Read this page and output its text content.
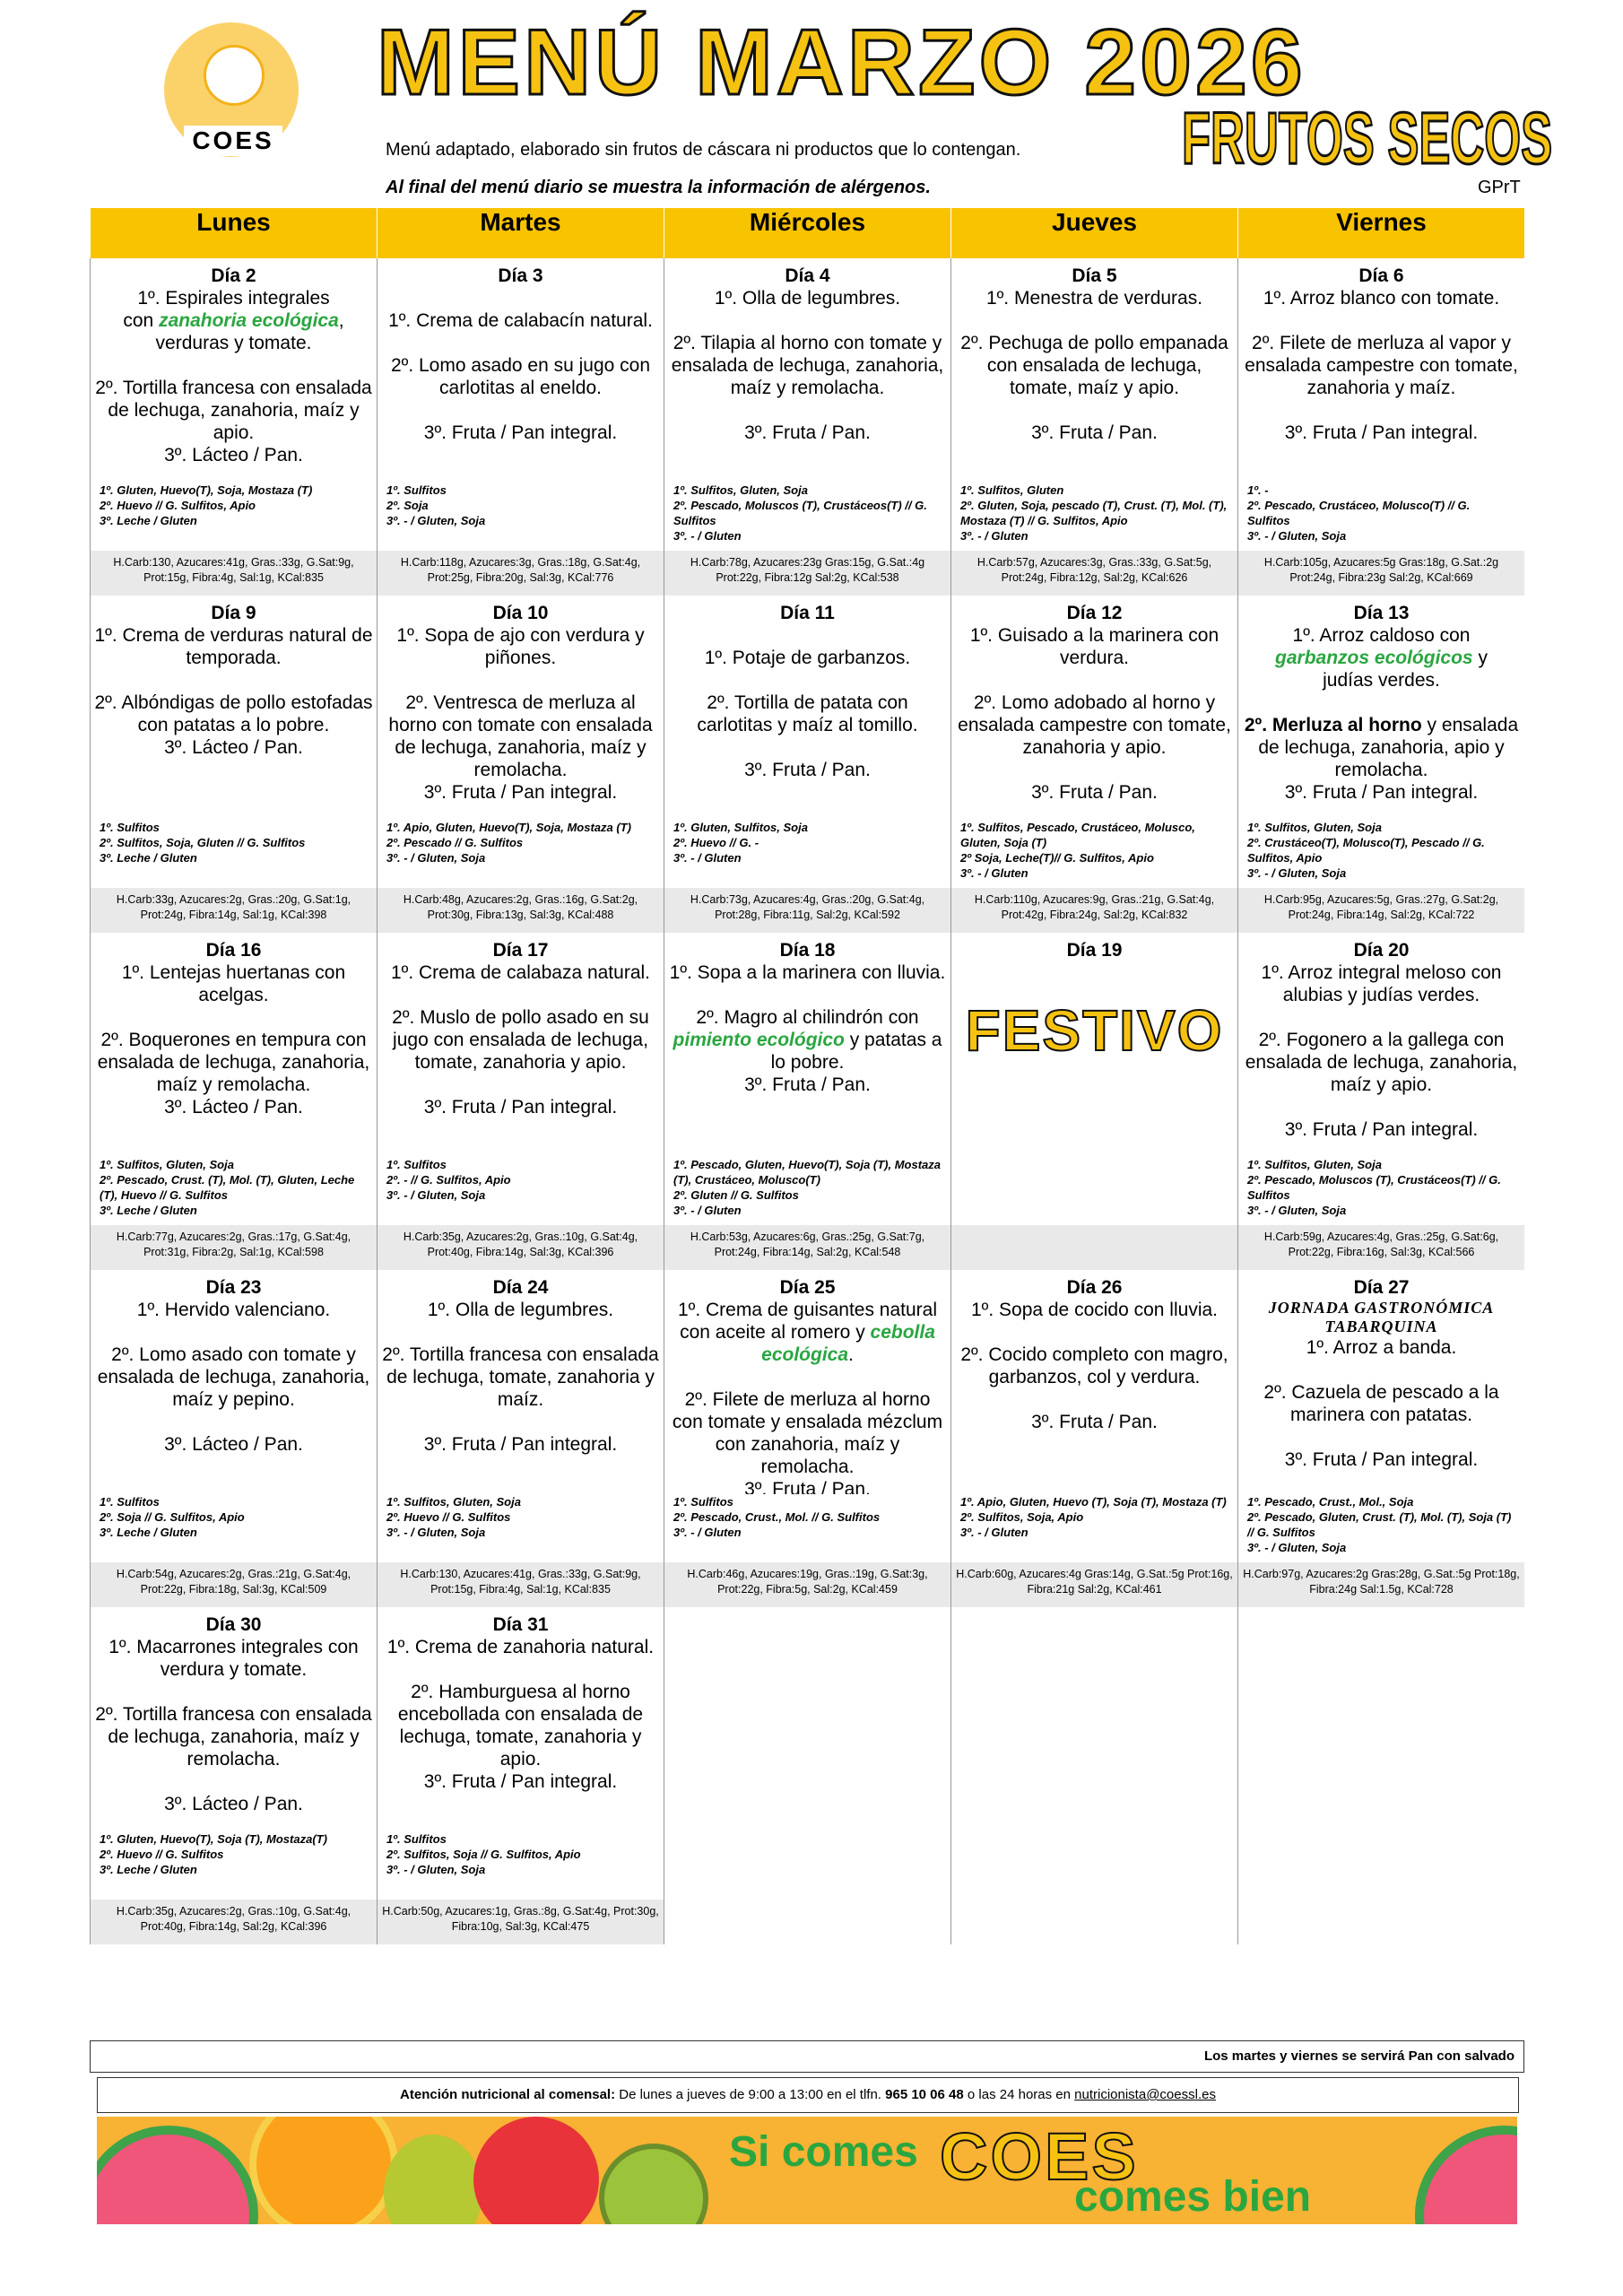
COES
MENÚ MARZO 2026
FRUTOS SECOS
GPrT
Menú adaptado, elaborado sin frutos de cáscara ni productos que lo contengan.
Al final del menú diario se muestra la información de alérgenos.
Lunes	Martes	Miércoles	Jueves	Viernes
Día 2
1º. Espirales integrales
con zanahoria ecológica,
verduras y tomate.
2º. Tortilla francesa con ensalada de lechuga, zanahoria, maíz y apio.
3º. Lácteo / Pan.
1º. Gluten, Huevo(T), Soja, Mostaza (T)
2º. Huevo // G. Sulfitos, Apio
3º. Leche / Gluten
H.Carb:130, Azucares:41g, Gras.:33g, G.Sat:9g, Prot:15g, Fibra:4g, Sal:1g, KCal:835
Día 3
1º. Crema de calabacín natural.
2º. Lomo asado en su jugo con carlotitas al eneldo.
3º. Fruta / Pan integral.
1º. Sulfitos
2º. Soja
3º. - / Gluten, Soja
H.Carb:118g, Azucares:3g, Gras.:18g, G.Sat:4g, Prot:25g, Fibra:20g, Sal:3g, KCal:776
Día 4
1º. Olla de legumbres.
2º. Tilapia al horno con tomate y ensalada de lechuga, zanahoria, maíz y remolacha.
3º. Fruta / Pan.
1º. Sulfitos, Gluten, Soja
2º. Pescado, Moluscos (T), Crustáceos(T) // G. Sulfitos
3º. - / Gluten
H.Carb:78g, Azucares:23g Gras:15g, G.Sat.:4g Prot:22g, Fibra:12g Sal:2g, KCal:538
Día 5
1º. Menestra de verduras.
2º. Pechuga de pollo empanada con ensalada de lechuga, tomate, maíz y apio.
3º. Fruta / Pan.
1º. Sulfitos, Gluten
2º. Gluten, Soja, pescado (T), Crust. (T), Mol. (T), Mostaza (T) // G. Sulfitos, Apio
3º. - / Gluten
H.Carb:57g, Azucares:3g, Gras.:33g, G.Sat:5g, Prot:24g, Fibra:12g, Sal:2g, KCal:626
Día 6
1º. Arroz blanco con tomate.
2º. Filete de merluza al vapor y ensalada campestre con tomate, zanahoria y maíz.
3º. Fruta / Pan integral.
1º. -
2º. Pescado, Crustáceo, Molusco(T) // G. Sulfitos
3º. - / Gluten, Soja
H.Carb:105g, Azucares:5g Gras:18g, G.Sat.:2g Prot:24g, Fibra:23g Sal:2g, KCal:669
Día 9
1º. Crema de verduras natural de temporada.
2º. Albóndigas de pollo estofadas con patatas a lo pobre.
3º. Lácteo / Pan.
1º. Sulfitos
2º. Sulfitos, Soja, Gluten // G. Sulfitos
3º. Leche / Gluten
H.Carb:33g, Azucares:2g, Gras.:20g, G.Sat:1g, Prot:24g, Fibra:14g, Sal:1g, KCal:398
Día 10
1º. Sopa de ajo con verdura y piñones.
2º. Ventresca de merluza al horno con tomate con ensalada de lechuga, zanahoria, maíz y remolacha.
3º. Fruta / Pan integral.
1º. Apio, Gluten, Huevo(T), Soja, Mostaza (T)
2º. Pescado // G. Sulfitos
3º. - / Gluten, Soja
H.Carb:48g, Azucares:2g, Gras.:16g, G.Sat:2g, Prot:30g, Fibra:13g, Sal:3g, KCal:488
Día 11
1º. Potaje de garbanzos.
2º. Tortilla de patata con carlotitas y maíz al tomillo.
3º. Fruta / Pan.
1º. Gluten, Sulfitos, Soja
2º. Huevo // G. -
3º. - / Gluten
H.Carb:73g, Azucares:4g, Gras.:20g, G.Sat:4g, Prot:28g, Fibra:11g, Sal:2g, KCal:592
Día 12
1º. Guisado a la marinera con verdura.
2º. Lomo adobado al horno y ensalada campestre con tomate, zanahoria y apio.
3º. Fruta / Pan.
1º. Sulfitos, Pescado, Crustáceo, Molusco, Gluten, Soja (T)
2º Soja, Leche(T)// G. Sulfitos, Apio
3º. - / Gluten
H.Carb:110g, Azucares:9g, Gras.:21g, G.Sat:4g, Prot:42g, Fibra:24g, Sal:2g, KCal:832
Día 13
1º. Arroz caldoso con
garbanzos ecológicos y
judías verdes.
2º. Merluza al horno y ensalada de lechuga, zanahoria, apio y remolacha.
3º. Fruta / Pan integral.
1º. Sulfitos, Gluten, Soja
2º. Crustáceo(T), Molusco(T), Pescado // G. Sulfitos, Apio
3º. - / Gluten, Soja
H.Carb:95g, Azucares:5g, Gras.:27g, G.Sat:2g, Prot:24g, Fibra:14g, Sal:2g, KCal:722
Día 16
1º. Lentejas huertanas con acelgas.
2º. Boquerones en tempura con ensalada de lechuga, zanahoria, maíz y remolacha.
3º. Lácteo / Pan.
1º. Sulfitos, Gluten, Soja
2º. Pescado, Crust. (T), Mol. (T), Gluten, Leche (T), Huevo // G. Sulfitos
3º. Leche / Gluten
H.Carb:77g, Azucares:2g, Gras.:17g, G.Sat:4g, Prot:31g, Fibra:2g, Sal:1g, KCal:598
Día 17
1º. Crema de calabaza natural.
2º. Muslo de pollo asado en su jugo con ensalada de lechuga, tomate, zanahoria y apio.
3º. Fruta / Pan integral.
1º. Sulfitos
2º. - // G. Sulfitos, Apio
3º. - / Gluten, Soja
H.Carb:35g, Azucares:2g, Gras.:10g, G.Sat:4g, Prot:40g, Fibra:14g, Sal:3g, KCal:396
Día 18
1º. Sopa a la marinera con lluvia.
2º. Magro al chilindrón con pimiento ecológico y patatas a lo pobre.
3º. Fruta / Pan.
1º. Pescado, Gluten, Huevo(T), Soja (T), Mostaza (T), Crustáceo, Molusco(T)
2º. Gluten // G. Sulfitos
3º. - / Gluten
H.Carb:53g, Azucares:6g, Gras.:25g, G.Sat:7g, Prot:24g, Fibra:14g, Sal:2g, KCal:548
Día 19
FESTIVO
Día 20
1º. Arroz integral meloso con alubias y judías verdes.
2º. Fogonero a la gallega con ensalada de lechuga, zanahoria, maíz y apio.
3º. Fruta / Pan integral.
1º. Sulfitos, Gluten, Soja
2º. Pescado, Moluscos (T), Crustáceos(T) // G. Sulfitos
3º. - / Gluten, Soja
H.Carb:59g, Azucares:4g, Gras.:25g, G.Sat:6g, Prot:22g, Fibra:16g, Sal:3g, KCal:566
Día 23
1º. Hervido valenciano.
2º. Lomo asado con tomate y ensalada de lechuga, zanahoria, maíz y pepino.
3º. Lácteo / Pan.
1º. Sulfitos
2º. Soja // G. Sulfitos, Apio
3º. Leche / Gluten
H.Carb:54g, Azucares:2g, Gras.:21g, G.Sat:4g, Prot:22g, Fibra:18g, Sal:3g, KCal:509
Día 24
1º. Olla de legumbres.
2º. Tortilla francesa con ensalada de lechuga, tomate, zanahoria y maíz.
3º. Fruta / Pan integral.
1º. Sulfitos, Gluten, Soja
2º. Huevo // G. Sulfitos
3º. - / Gluten, Soja
H.Carb:130, Azucares:41g, Gras.:33g, G.Sat:9g, Prot:15g, Fibra:4g, Sal:1g, KCal:835
Día 25
1º. Crema de guisantes natural con aceite al romero y cebolla ecológica.
2º. Filete de merluza al horno con tomate y ensalada mézclum con zanahoria, maíz y remolacha.
3º. Fruta / Pan.
1º. Sulfitos
2º. Pescado, Crust., Mol. // G. Sulfitos
3º. - / Gluten
H.Carb:46g, Azucares:19g, Gras.:19g, G.Sat:3g, Prot:22g, Fibra:5g, Sal:2g, KCal:459
Día 26
1º. Sopa de cocido con lluvia.
2º. Cocido completo con magro, garbanzos, col y verdura.
3º. Fruta / Pan.
1º. Apio, Gluten, Huevo (T), Soja (T), Mostaza (T)
2º. Sulfitos, Soja, Apio
3º. - / Gluten
H.Carb:60g, Azucares:4g Gras:14g, G.Sat.:5g Prot:16g, Fibra:21g Sal:2g, KCal:461
Día 27
JORNADA GASTRONÓMICA TABARQUINA
1º. Arroz a banda.
2º. Cazuela de pescado a la marinera con patatas.
3º. Fruta / Pan integral.
1º. Pescado, Crust., Mol., Soja
2º. Pescado, Gluten, Crust. (T), Mol. (T), Soja (T) // G. Sulfitos
3º. - / Gluten, Soja
H.Carb:97g, Azucares:2g Gras:28g, G.Sat.:5g Prot:18g, Fibra:24g Sal:1.5g, KCal:728
Día 30
1º. Macarrones integrales con verdura y tomate.
2º. Tortilla francesa con ensalada de lechuga, zanahoria, maíz y remolacha.
3º. Lácteo / Pan.
1º. Gluten, Huevo(T), Soja (T), Mostaza(T)
2º. Huevo // G. Sulfitos
3º. Leche / Gluten
H.Carb:35g, Azucares:2g, Gras.:10g, G.Sat:4g, Prot:40g, Fibra:14g, Sal:2g, KCal:396
Día 31
1º. Crema de zanahoria natural.
2º. Hamburguesa al horno encebollada con ensalada de lechuga, tomate, zanahoria y apio.
3º. Fruta / Pan integral.
1º. Sulfitos
2º. Sulfitos, Soja // G. Sulfitos, Apio
3º. - / Gluten, Soja
H.Carb:50g, Azucares:1g, Gras.:8g, G.Sat:4g, Prot:30g, Fibra:10g, Sal:3g, KCal:475
Los martes y viernes se servirá Pan con salvado
Atención nutricional al comensal: De lunes a jueves de 9:00 a 13:00 en el tlfn. 965 10 06 48 o las 24 horas en nutricionista@coessl.es
Si comes COES
comes bien
